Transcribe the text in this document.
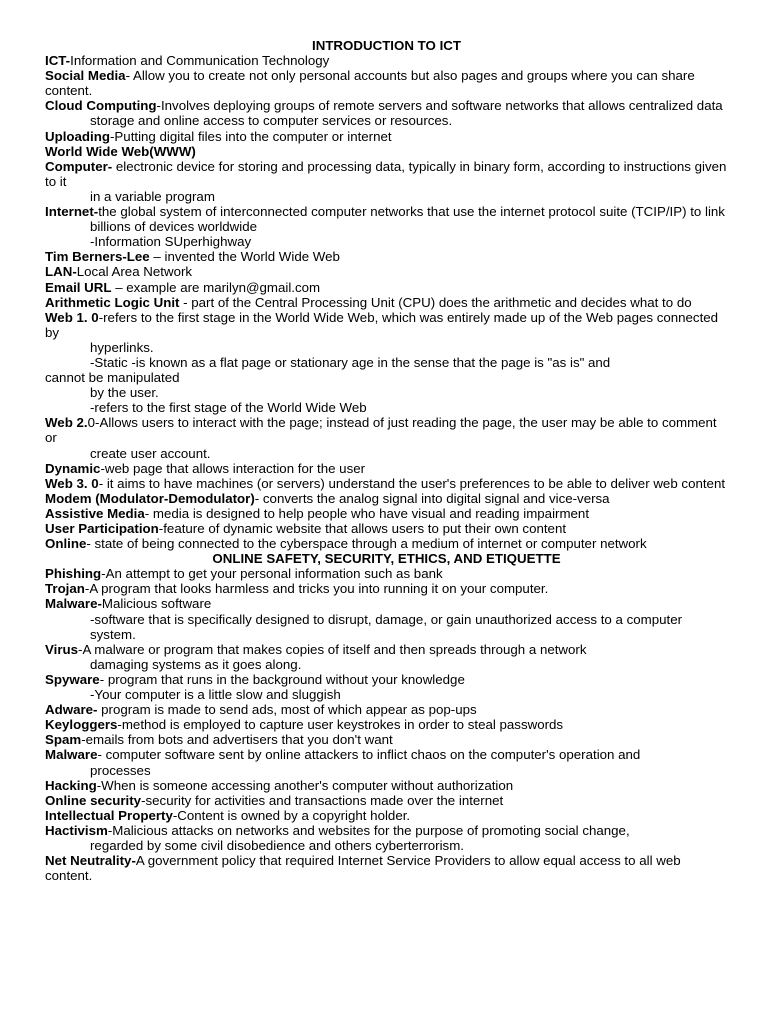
INTRODUCTION TO ICT
ICT-Information and Communication Technology
Social Media- Allow you to create not only personal accounts but also pages and groups where you can share content.
Cloud Computing-Involves deploying groups of remote servers and software networks that allows centralized data
storage and online access to computer services or resources.
Uploading-Putting digital files into the computer or internet
World Wide Web(WWW)
Computer- electronic device for storing and processing data, typically in binary form, according to instructions given to it
in a variable program
Internet-the global system of interconnected computer networks that use the internet protocol suite (TCIP/IP) to link
billions of devices worldwide
-Information SUperhighway
Tim Berners-Lee – invented the World Wide Web
LAN-Local Area Network
Email URL – example are marilyn@gmail.com
Arithmetic Logic Unit - part of the Central Processing Unit (CPU) does the arithmetic and decides what to do
Web 1. 0-refers to the first stage in the World Wide Web, which was entirely made up of the Web pages connected by
hyperlinks.
-Static -is known as a flat page or stationary age in the sense that the page is "as is" and
cannot be manipulated
by the user.
-refers to the first stage of the World Wide Web
Web 2.0-Allows users to interact with the page; instead of just reading the page, the user may be able to comment or
create user account.
Dynamic-web page that allows interaction for the user
Web 3. 0- it aims to have machines (or servers) understand the user's preferences to be able to deliver web content
Modem (Modulator-Demodulator)- converts the analog signal into digital signal and vice-versa
Assistive Media- media is designed to help people who have visual and reading impairment
User Participation-feature of dynamic website that allows users to put their own content
Online- state of being connected to the cyberspace through a medium of internet or computer network
ONLINE SAFETY, SECURITY, ETHICS, AND ETIQUETTE
Phishing-An attempt to get your personal information such as bank
Trojan-A program that looks harmless and tricks you into running it on your computer.
Malware-Malicious software
-software that is specifically designed to disrupt, damage, or gain unauthorized access to a computer system.
Virus-A malware or program that makes copies of itself and then spreads through a network
damaging systems as it goes along.
Spyware- program that runs in the background without your knowledge
-Your computer is a little slow and sluggish
Adware- program is made to send ads, most of which appear as pop-ups
Keyloggers-method is employed to capture user keystrokes in order to steal passwords
Spam-emails from bots and advertisers that you don't want
Malware- computer software sent by online attackers to inflict chaos on the computer's operation and
processes
Hacking-When is someone accessing another's computer without authorization
Online security-security for activities and transactions made over the internet
Intellectual Property-Content is owned by a copyright holder.
Hactivism-Malicious attacks on networks and websites for the purpose of promoting social change,
regarded by some civil disobedience and others cyberterrorism.
Net Neutrality-A government policy that required Internet Service Providers to allow equal access to all web content.
